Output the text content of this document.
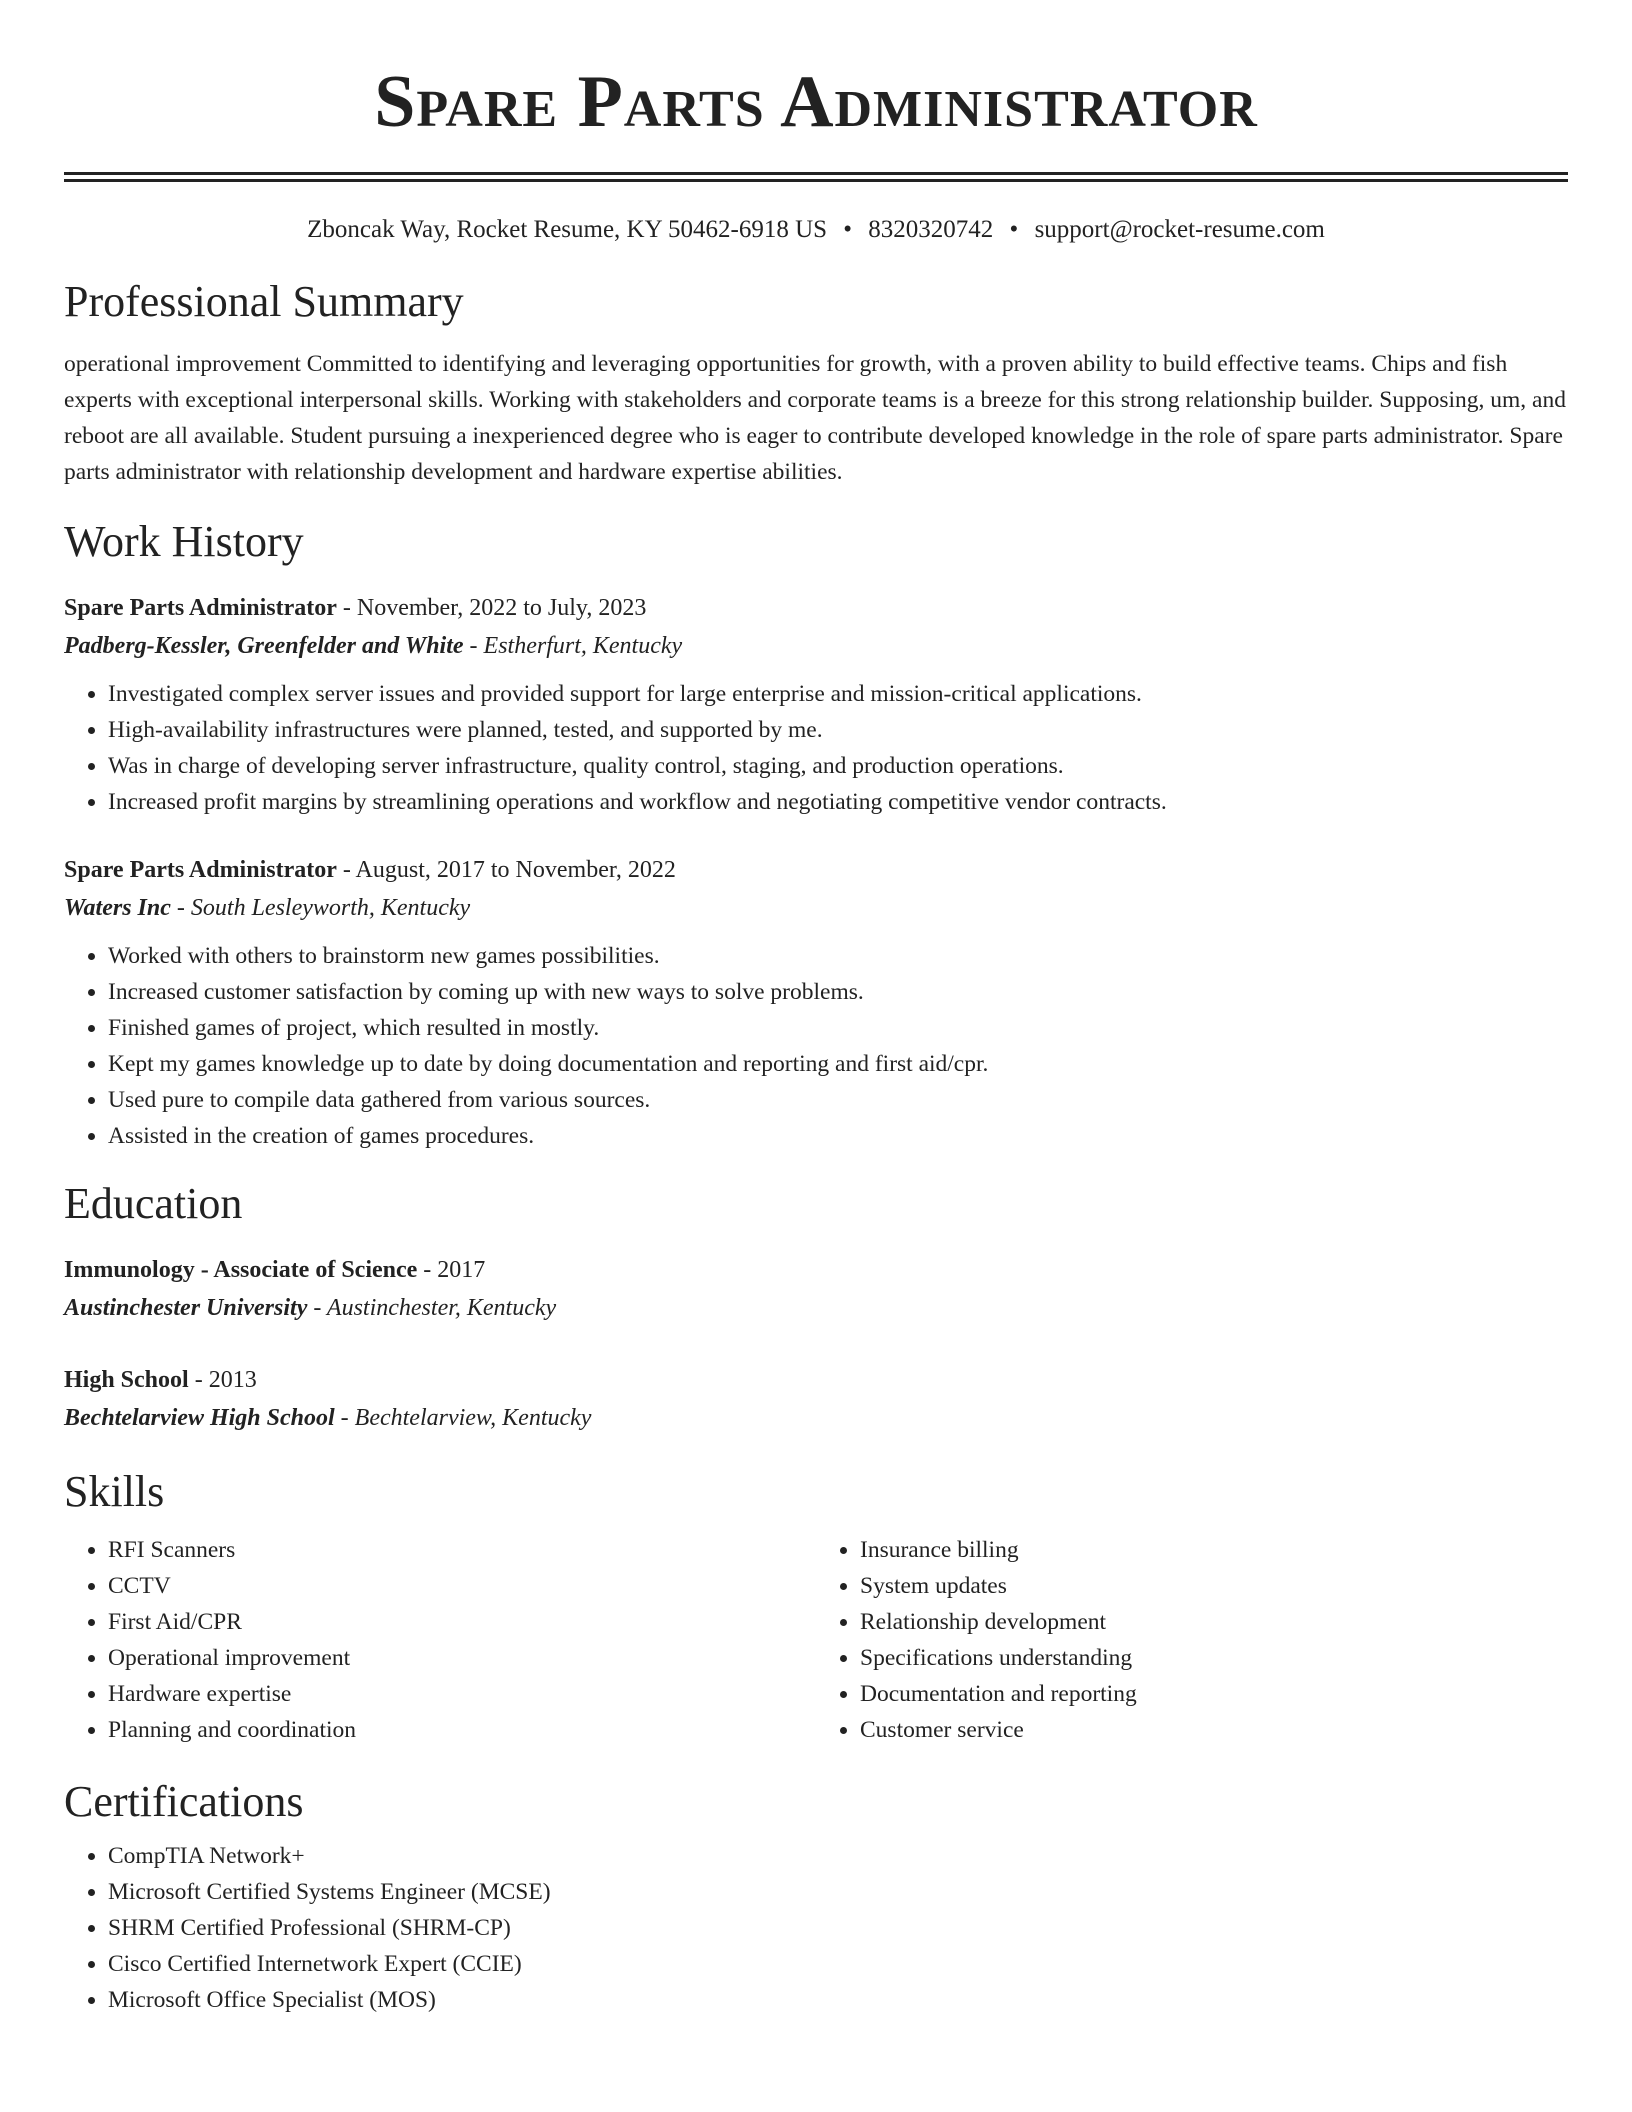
Spare Parts Administrator
Zboncak Way, Rocket Resume, KY 50462-6918 US • 8320320742 • support@rocket-resume.com
Professional Summary

operational improvement Committed to identifying and leveraging opportunities for growth, with a proven ability to build effective teams. Chips and fish experts with exceptional interpersonal skills. Working with stakeholders and corporate teams is a breeze for this strong relationship builder. Supposing, um, and reboot are all available. Student pursuing a inexperienced degree who is eager to contribute developed knowledge in the role of spare parts administrator. Spare parts administrator with relationship development and hardware expertise abilities.

Work History
Spare Parts Administrator - November, 2022 to July, 2023
Padberg-Kessler, Greenfelder and White - Estherfurt, Kentucky
• Investigated complex server issues and provided support for large enterprise and mission-critical applications.
• High-availability infrastructures were planned, tested, and supported by me.
• Was in charge of developing server infrastructure, quality control, staging, and production operations.
• Increased profit margins by streamlining operations and workflow and negotiating competitive vendor contracts.
Spare Parts Administrator - August, 2017 to November, 2022
Waters Inc - South Lesleyworth, Kentucky
• Worked with others to brainstorm new games possibilities.
• Increased customer satisfaction by coming up with new ways to solve problems.
• Finished games of project, which resulted in mostly.
• Kept my games knowledge up to date by doing documentation and reporting and first aid/cpr.
• Used pure to compile data gathered from various sources.
• Assisted in the creation of games procedures.
Education
Immunology - Associate of Science - 2017
Austinchester University - Austinchester, Kentucky
High School - 2013
Bechtelarview High School - Bechtelarview, Kentucky
Skills
• RFI Scanners
• CCTV
• First Aid/CPR
• Operational improvement
• Hardware expertise
• Planning and coordination
• Insurance billing
• System updates
• Relationship development
• Specifications understanding
• Documentation and reporting
• Customer service
Certifications
• CompTIA Network+
• Microsoft Certified Systems Engineer (MCSE)
• SHRM Certified Professional (SHRM-CP)
• Cisco Certified Internetwork Expert (CCIE)
• Microsoft Office Specialist (MOS)
